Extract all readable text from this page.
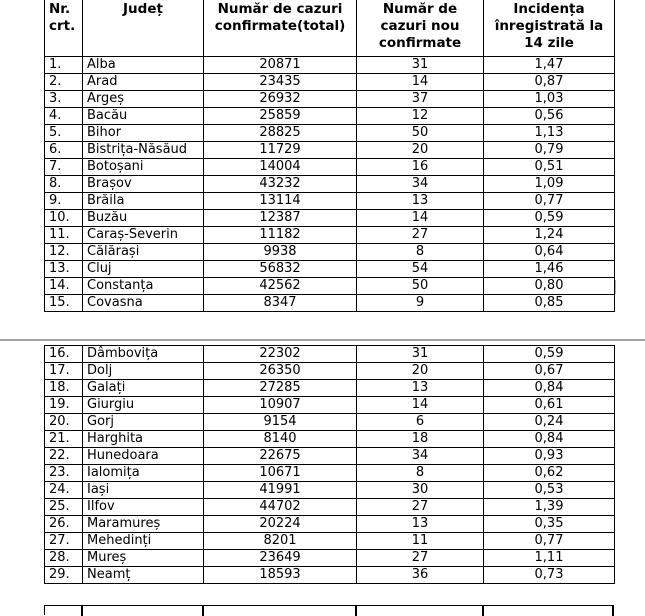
Nr. crt.	Județ	Număr de cazuri confirmate(total)	Număr de cazuri nou confirmate	Incidența înregistrată la 14 zile
1.	Alba	20871	31	1,47
2.	Arad	23435	14	0,87
3.	Argeș	26932	37	1,03
4.	Bacău	25859	12	0,56
5.	Bihor	28825	50	1,13
6.	Bistrița-Năsăud	11729	20	0,79
7.	Botoșani	14004	16	0,51
8.	Brașov	43232	34	1,09
9.	Brăila	13114	13	0,77
10.	Buzău	12387	14	0,59
11.	Caraș-Severin	11182	27	1,24
12.	Călărași	9938	8	0,64
13.	Cluj	56832	54	1,46
14.	Constanța	42562	50	0,80
15.	Covasna	8347	9	0,85
16.	Dâmbovița	22302	31	0,59
17.	Dolj	26350	20	0,67
18.	Galați	27285	13	0,84
19.	Giurgiu	10907	14	0,61
20.	Gorj	9154	6	0,24
21.	Harghita	8140	18	0,84
22.	Hunedoara	22675	34	0,93
23.	Ialomița	10671	8	0,62
24.	Iași	41991	30	0,53
25.	Ilfov	44702	27	1,39
26.	Maramureș	20224	13	0,35
27.	Mehedinți	8201	11	0,77
28.	Mureș	23649	27	1,11
29.	Neamț	18593	36	0,73
